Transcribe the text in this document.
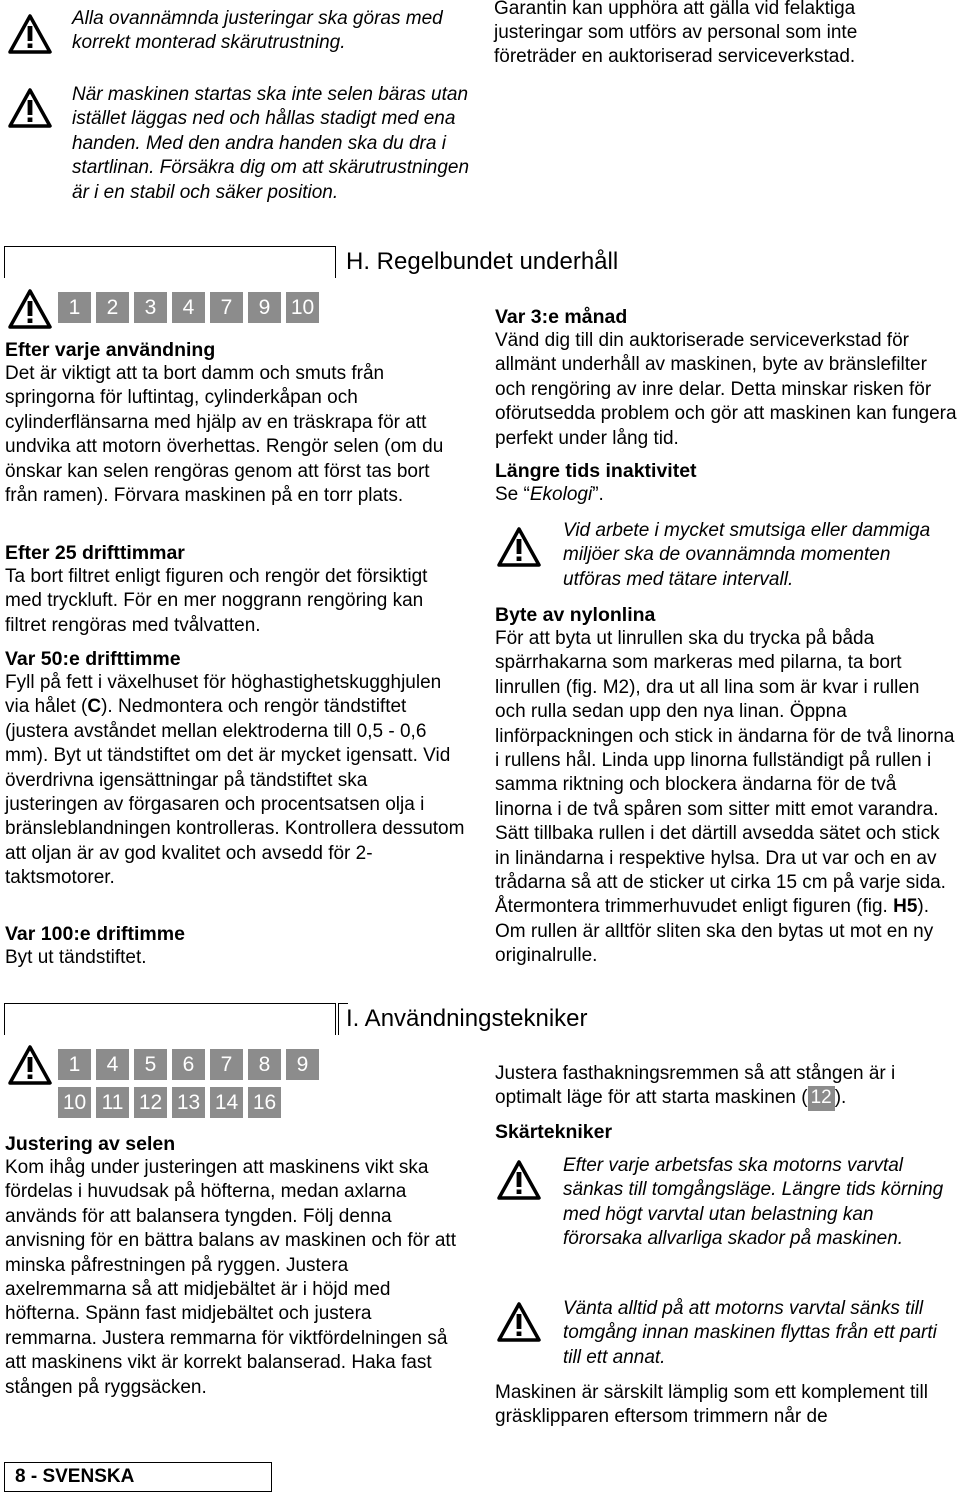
Alla ovannämnda justeringar ska göras med korrekt monterad skärutrustning.
När maskinen startas ska inte selen bäras utan istället läggas ned och hållas stadigt med ena handen. Med den andra handen ska du dra i startlinan. Försäkra dig om att skärutrustningen är i en stabil och säker position.
1	2	3	4	7	9 10
Efter varje användning
Det är viktigt att ta bort damm och smuts från springorna för luftintag, cylinderkåpan och cylinderflänsarna med hjälp av en träskrapa för att undvika att motorn överhettas. Rengör selen (om du önskar kan selen rengöras genom att först tas bort från ramen). Förvara maskinen på en torr plats.
Efter 25 drifttimmar
Ta bort filtret enligt figuren och rengör det försiktigt med tryckluft. För en mer noggrann rengöring kan filtret rengöras med tvålvatten.
Var 50:e drifttimme
Fyll på fett i växelhuset för höghastighetskugghjulen via hålet (C). Nedmontera och rengör tändstiftet (justera avståndet mellan elektroderna till 0,5 - 0,6 mm). Byt ut tändstiftet om det är mycket igensatt. Vid överdrivna igensättningar på tändstiftet ska justeringen av förgasaren och procentsatsen olja i bränsleblandningen kontrolleras. Kontrollera dessutom att oljan är av god kvalitet och avsedd för 2-taktsmotorer.
Var 100:e driftimme
Byt ut tändstiftet.
1	4	5	6	7	8	9
10 11 12 13 14 16
Justering av selen
Kom ihåg under justeringen att maskinens vikt ska fördelas i huvudsak på höfterna, medan axlarna används för att balansera tyngden. Följ denna anvisning för en bättra balans av maskinen och för att minska påfrestningen på ryggen. Justera axelremmarna så att midjebältet är i höjd med höfterna. Spänn fast midjebältet och justera remmarna. Justera remmarna för viktfördelningen så att maskinens vikt är korrekt balanserad. Haka fast stången på ryggsäcken.
8 - SVENSKA
Garantin kan upphöra att gälla vid felaktiga justeringar som utförs av personal som inte företräder en auktoriserad serviceverkstad.
H. Regelbundet underhåll
Var 3:e månad
Vänd dig till din auktoriserade serviceverkstad för allmänt underhåll av maskinen, byte av bränslefilter och rengöring av inre delar. Detta minskar risken för oförutsedda problem och gör att maskinen kan fungera perfekt under lång tid.
Längre tids inaktivitet
Se “Ekologi”.
Vid arbete i mycket smutsiga eller dammiga miljöer ska de ovannämnda momenten utföras med tätare intervall.
Byte av nylonlina
För att byta ut linrullen ska du trycka på båda spärrhakarna som markeras med pilarna, ta bort linrullen (fig. M2), dra ut all lina som är kvar i rullen och rulla sedan upp den nya linan. Öppna linförpackningen och stick in ändarna för de två linorna i rullens hål. Linda upp linorna fullständigt på rullen i samma riktning och blockera ändarna för de två linorna i de två spåren som sitter mitt emot varandra. Sätt tillbaka rullen i det därtill avsedda sätet och stick in linändarna i respektive hylsa. Dra ut var och en av trådarna så att de sticker ut cirka 15 cm på varje sida. Återmontera trimmerhuvudet enligt figuren (fig. H5). Om rullen är alltför sliten ska den bytas ut mot en ny originalrulle.
I. Användningstekniker
Justera fasthakningsremmen så att stången är i optimalt läge för att starta maskinen ( 12 ).
Skärtekniker
Efter varje arbetsfas ska motorns varvtal sänkas till tomgångsläge. Längre tids körning med högt varvtal utan belastning kan förorsaka allvarliga skador på maskinen.
Vänta alltid på att motorns varvtal sänks till tomgång innan maskinen flyttas från ett parti till ett annat.
Maskinen är särskilt lämplig som ett komplement till gräsklipparen eftersom trimmern når de
